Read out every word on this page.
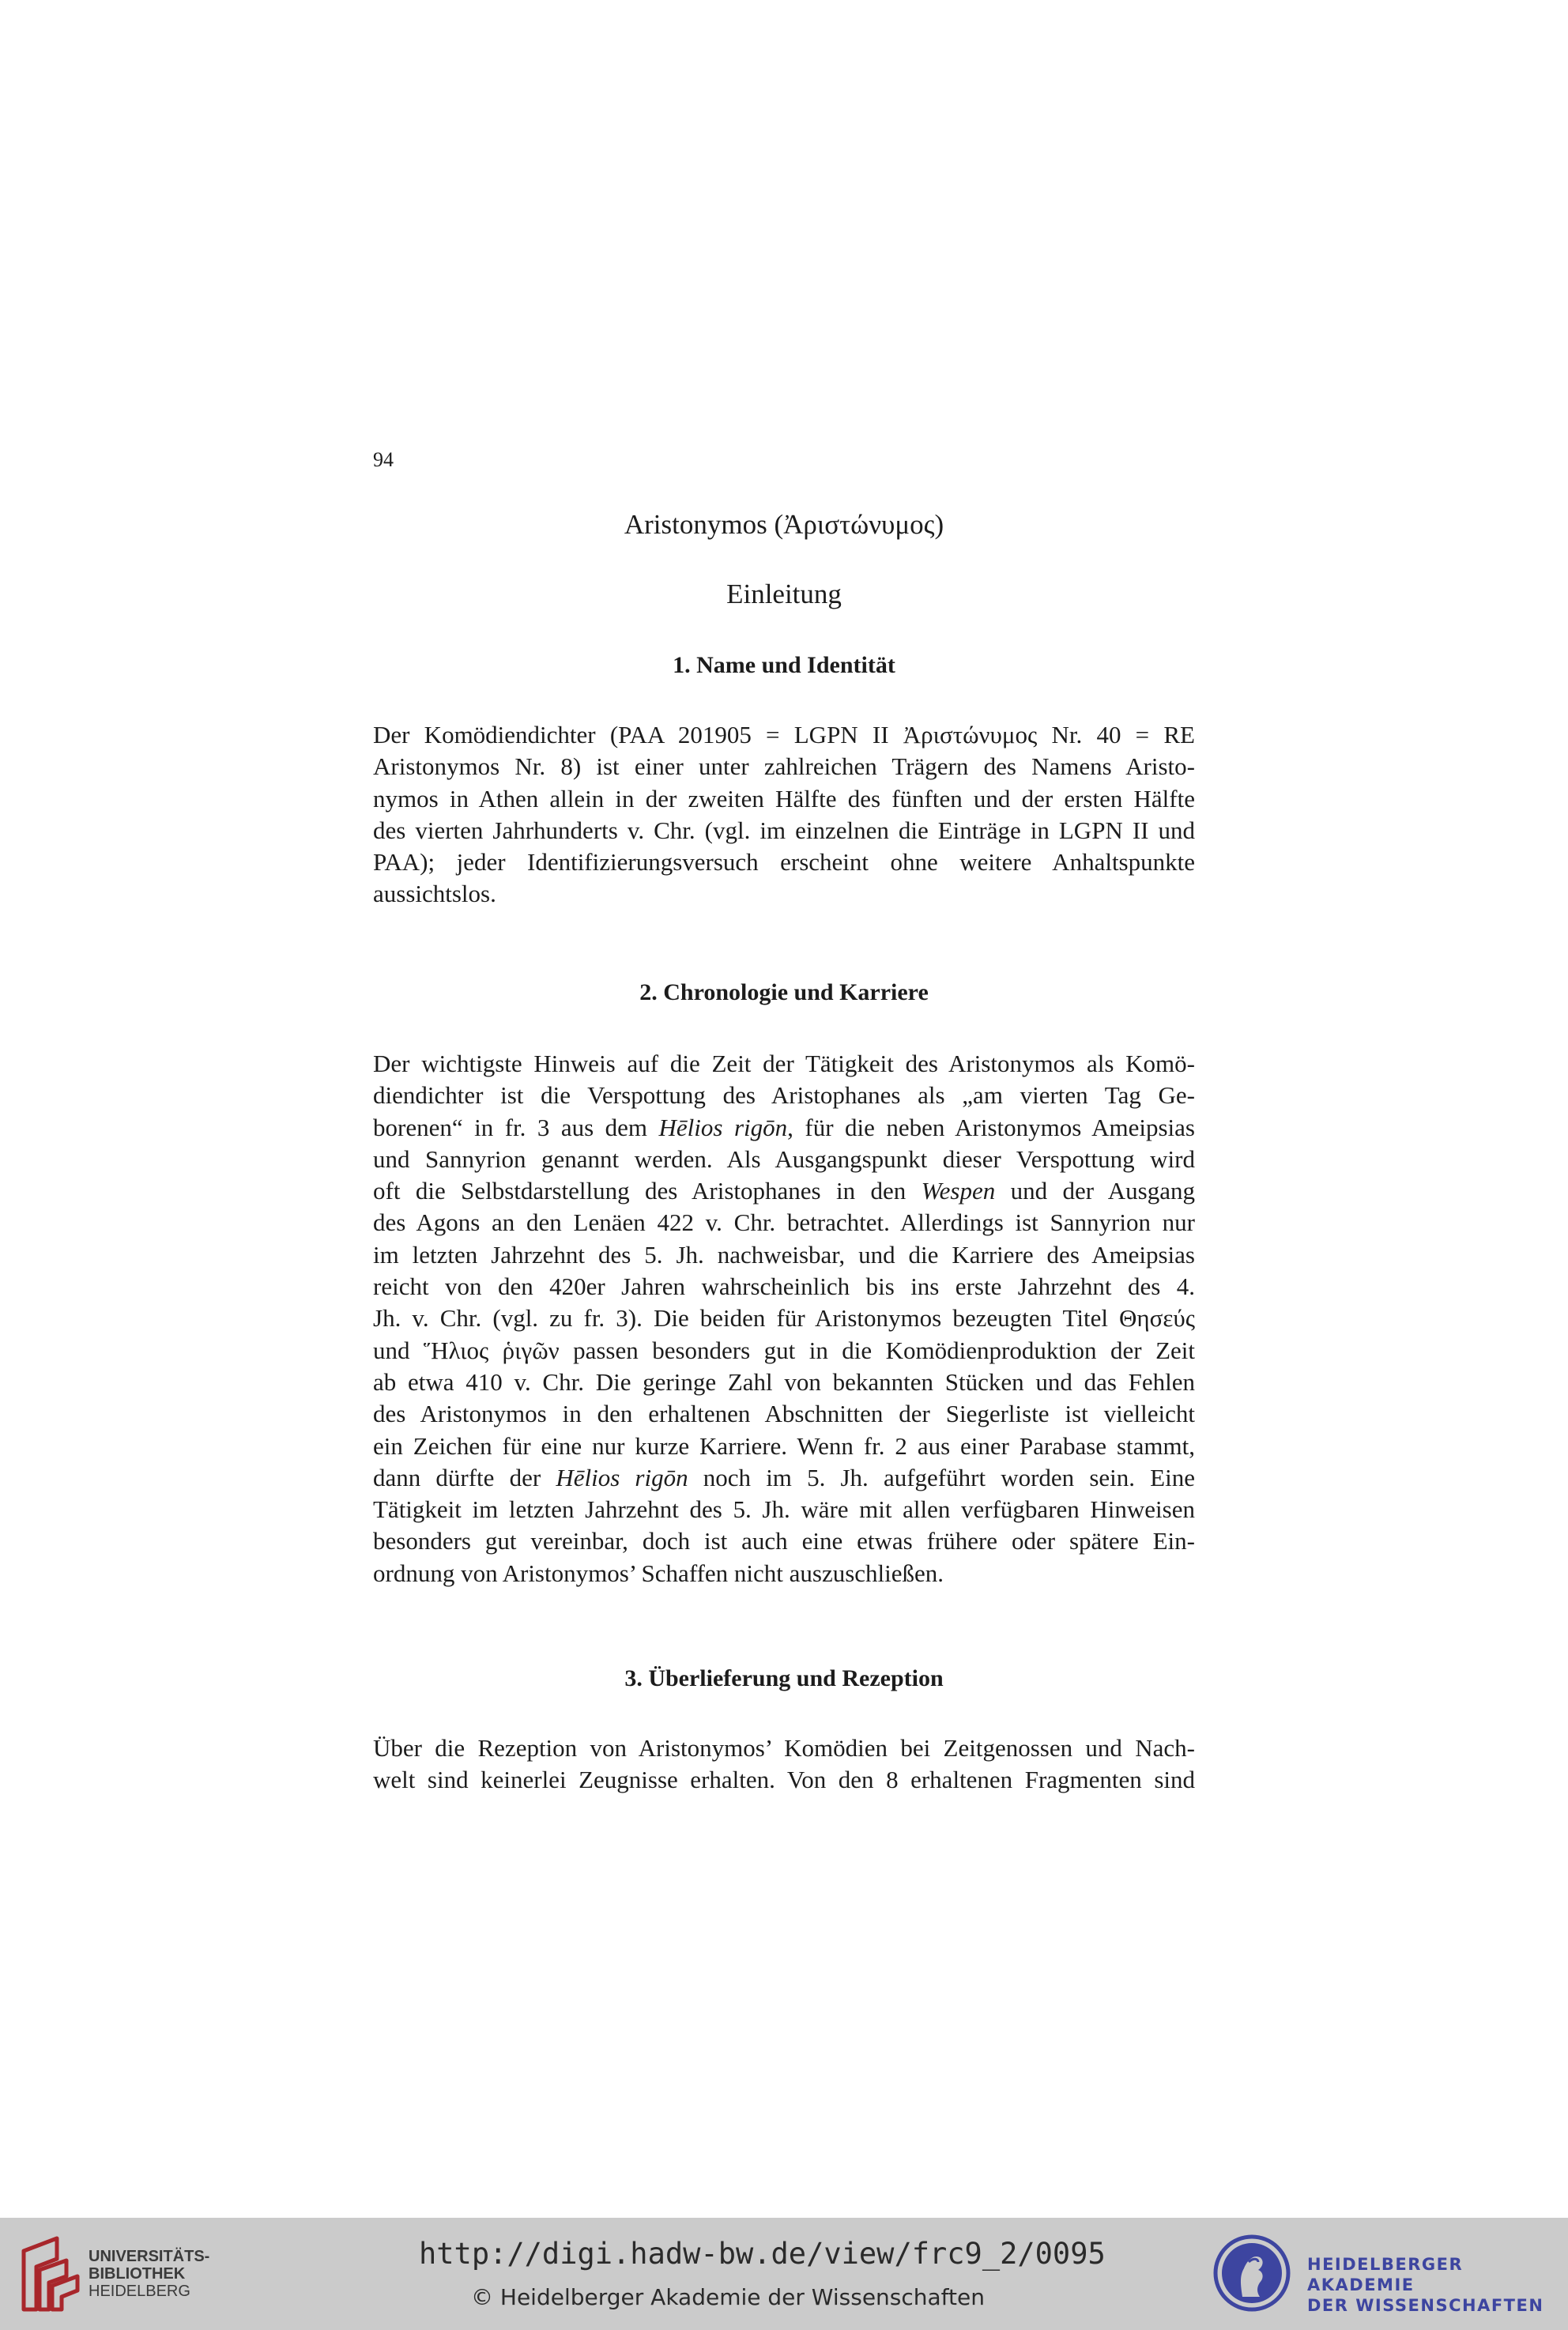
94
Aristonymos (Ἀριστώνυμος)
Einleitung
1. Name und Identität
Der Komödiendichter (PAA 201905 = LGPN II Ἀριστώνυμος Nr. 40 = RE
Aristonymos Nr. 8) ist einer unter zahlreichen Trägern des Namens Aristo-
nymos in Athen allein in der zweiten Hälfte des fünften und der ersten Hälfte
des vierten Jahrhunderts v. Chr. (vgl. im einzelnen die Einträge in LGPN II und
PAA); jeder Identifizierungsversuch erscheint ohne weitere Anhaltspunkte
aussichtslos.
2. Chronologie und Karriere
Der wichtigste Hinweis auf die Zeit der Tätigkeit des Aristonymos als Komö-
diendichter ist die Verspottung des Aristophanes als „am vierten Tag Ge-
borenen“ in fr. 3 aus dem Hēlios rigōn, für die neben Aristonymos Ameipsias
und Sannyrion genannt werden. Als Ausgangspunkt dieser Verspottung wird
oft die Selbstdarstellung des Aristophanes in den Wespen und der Ausgang
des Agons an den Lenäen 422 v. Chr. betrachtet. Allerdings ist Sannyrion nur
im letzten Jahrzehnt des 5. Jh. nachweisbar, und die Karriere des Ameipsias
reicht von den 420er Jahren wahrscheinlich bis ins erste Jahrzehnt des 4.
Jh. v. Chr. (vgl. zu fr. 3). Die beiden für Aristonymos bezeugten Titel Θησεύς
und Ἥλιος ῥιγῶν passen besonders gut in die Komödienproduktion der Zeit
ab etwa 410 v. Chr. Die geringe Zahl von bekannten Stücken und das Fehlen
des Aristonymos in den erhaltenen Abschnitten der Siegerliste ist vielleicht
ein Zeichen für eine nur kurze Karriere. Wenn fr. 2 aus einer Parabase stammt,
dann dürfte der Hēlios rigōn noch im 5. Jh. aufgeführt worden sein. Eine
Tätigkeit im letzten Jahrzehnt des 5. Jh. wäre mit allen verfügbaren Hinweisen
besonders gut vereinbar, doch ist auch eine etwas frühere oder spätere Ein-
ordnung von Aristonymos’ Schaffen nicht auszuschließen.
3. Überlieferung und Rezeption
Über die Rezeption von Aristonymos’ Komödien bei Zeitgenossen und Nach-
welt sind keinerlei Zeugnisse erhalten. Von den 8 erhaltenen Fragmenten sind
UNIVERSITÄTS-
BIBLIOTHEK
HEIDELBERG
http://digi.hadw-bw.de/view/frc9_2/0095
© Heidelberger Akademie der Wissenschaften
HEIDELBERGER AKADEMIE
DER WISSENSCHAFTEN
